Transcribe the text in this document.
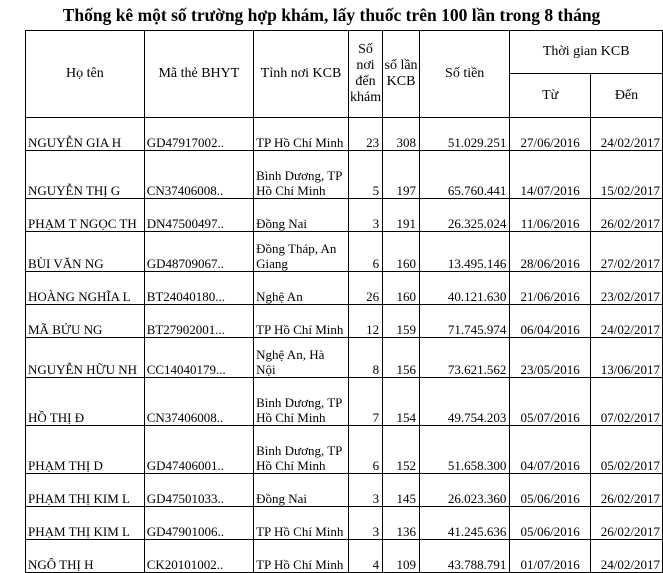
Thống kê một số trường hợp khám, lấy thuốc trên 100 lần trong 8 tháng
Họ tên	Mã thẻ BHYT	Tỉnh nơi KCB	Số nơi đến khám	số lần KCB	Số tiền	Thời gian KCB	
						Từ	Đến
NGUYỄN GIA H	GD47917002..	TP Hồ Chí Minh	23	308	51.029.251	27/06/2016	24/02/2017
NGUYỄN THỊ G	CN37406008..	Bình Dương, TP Hồ Chí Minh	5	197	65.760.441	14/07/2016	15/02/2017
PHẠM T NGỌC TH	DN47500497..	Đồng Nai	3	191	26.325.024	11/06/2016	26/02/2017
BÙI VĂN NG	GD48709067..	Đồng Tháp, An Giang	6	160	13.495.146	28/06/2016	27/02/2017
HOÀNG NGHĨA L	BT24040180...	Nghệ An	26	160	40.121.630	21/06/2016	23/02/2017
MÃ BỬU NG	BT27902001...	TP Hồ Chí Minh	12	159	71.745.974	06/04/2016	24/02/2017
NGUYỄN HỮU NH	CC14040179...	Nghệ An, Hà Nội	8	156	73.621.562	23/05/2016	13/06/2017
HỒ THỊ Đ	CN37406008..	Bình Dương, TP Hồ Chí Minh	7	154	49.754.203	05/07/2016	07/02/2017
PHẠM THỊ D	GD47406001..	Bình Dương, TP Hồ Chí Minh	6	152	51.658.300	04/07/2016	05/02/2017
PHẠM THỊ KIM L	GD47501033..	Đồng Nai	3	145	26.023.360	05/06/2016	26/02/2017
PHẠM THỊ KIM L	GD47901006..	TP Hồ Chí Minh	3	136	41.245.636	05/06/2016	26/02/2017
NGÔ THỊ H	CK20101002..	TP Hồ Chí Minh	4	109	43.788.791	01/07/2016	24/02/2017
